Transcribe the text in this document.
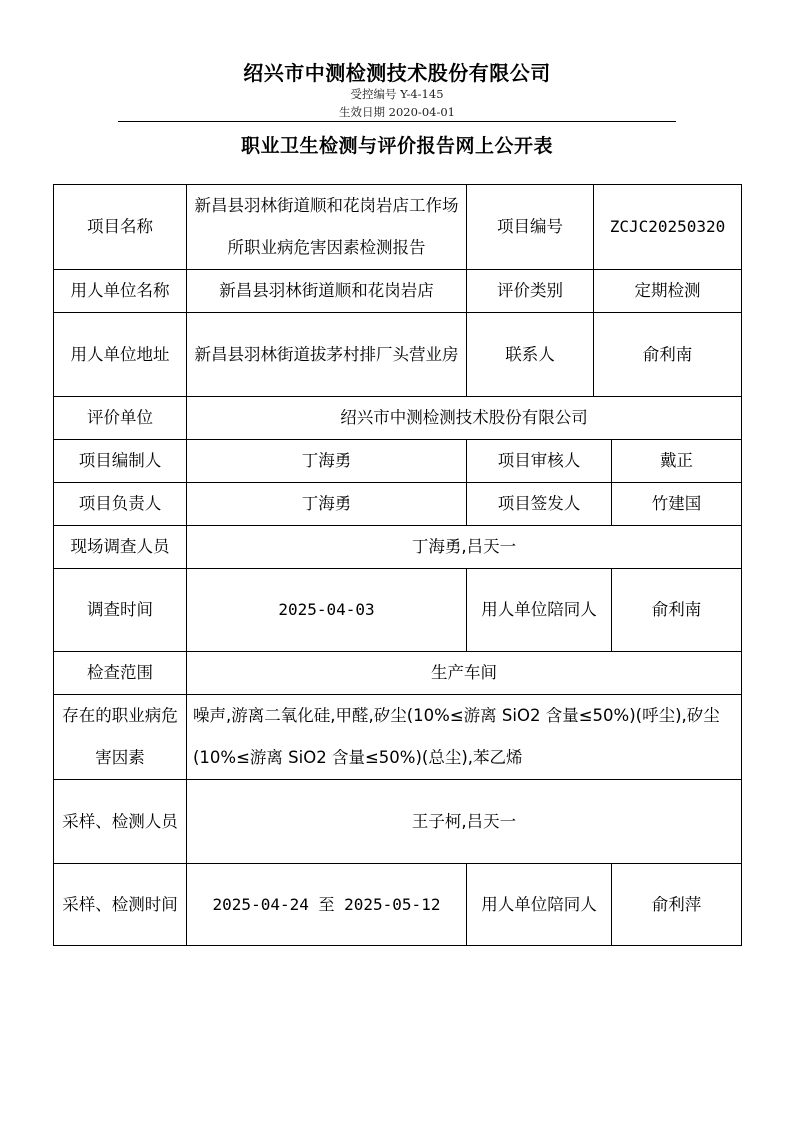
绍兴市中测检测技术股份有限公司
受控编号 Y-4-145
生效日期 2020-04-01
职业卫生检测与评价报告网上公开表
项目名称	新昌县羽林街道顺和花岗岩店工作场所职业病危害因素检测报告	项目编号	ZCJC20250320	
用人单位名称	新昌县羽林街道顺和花岗岩店	评价类别	定期检测	
用人单位地址	新昌县羽林街道拔茅村排厂头营业房	联系人	俞利南	
评价单位	绍兴市中测检测技术股份有限公司			
项目编制人	丁海勇	项目审核人		戴正
项目负责人	丁海勇	项目签发人		竹建国
现场调查人员	丁海勇,吕天一			
调查时间	2025-04-03	用人单位陪同人		俞利南
检查范围	生产车间			
存在的职业病危害因素	噪声,游离二氧化硅,甲醛,矽尘(10%≤游离 SiO2 含量≤50%)(呼尘),矽尘(10%≤游离 SiO2 含量≤50%)(总尘),苯乙烯			
采样、检测人员	王子柯,吕天一			
采样、检测时间	2025-04-24 至 2025-05-12	用人单位陪同人		俞利萍
